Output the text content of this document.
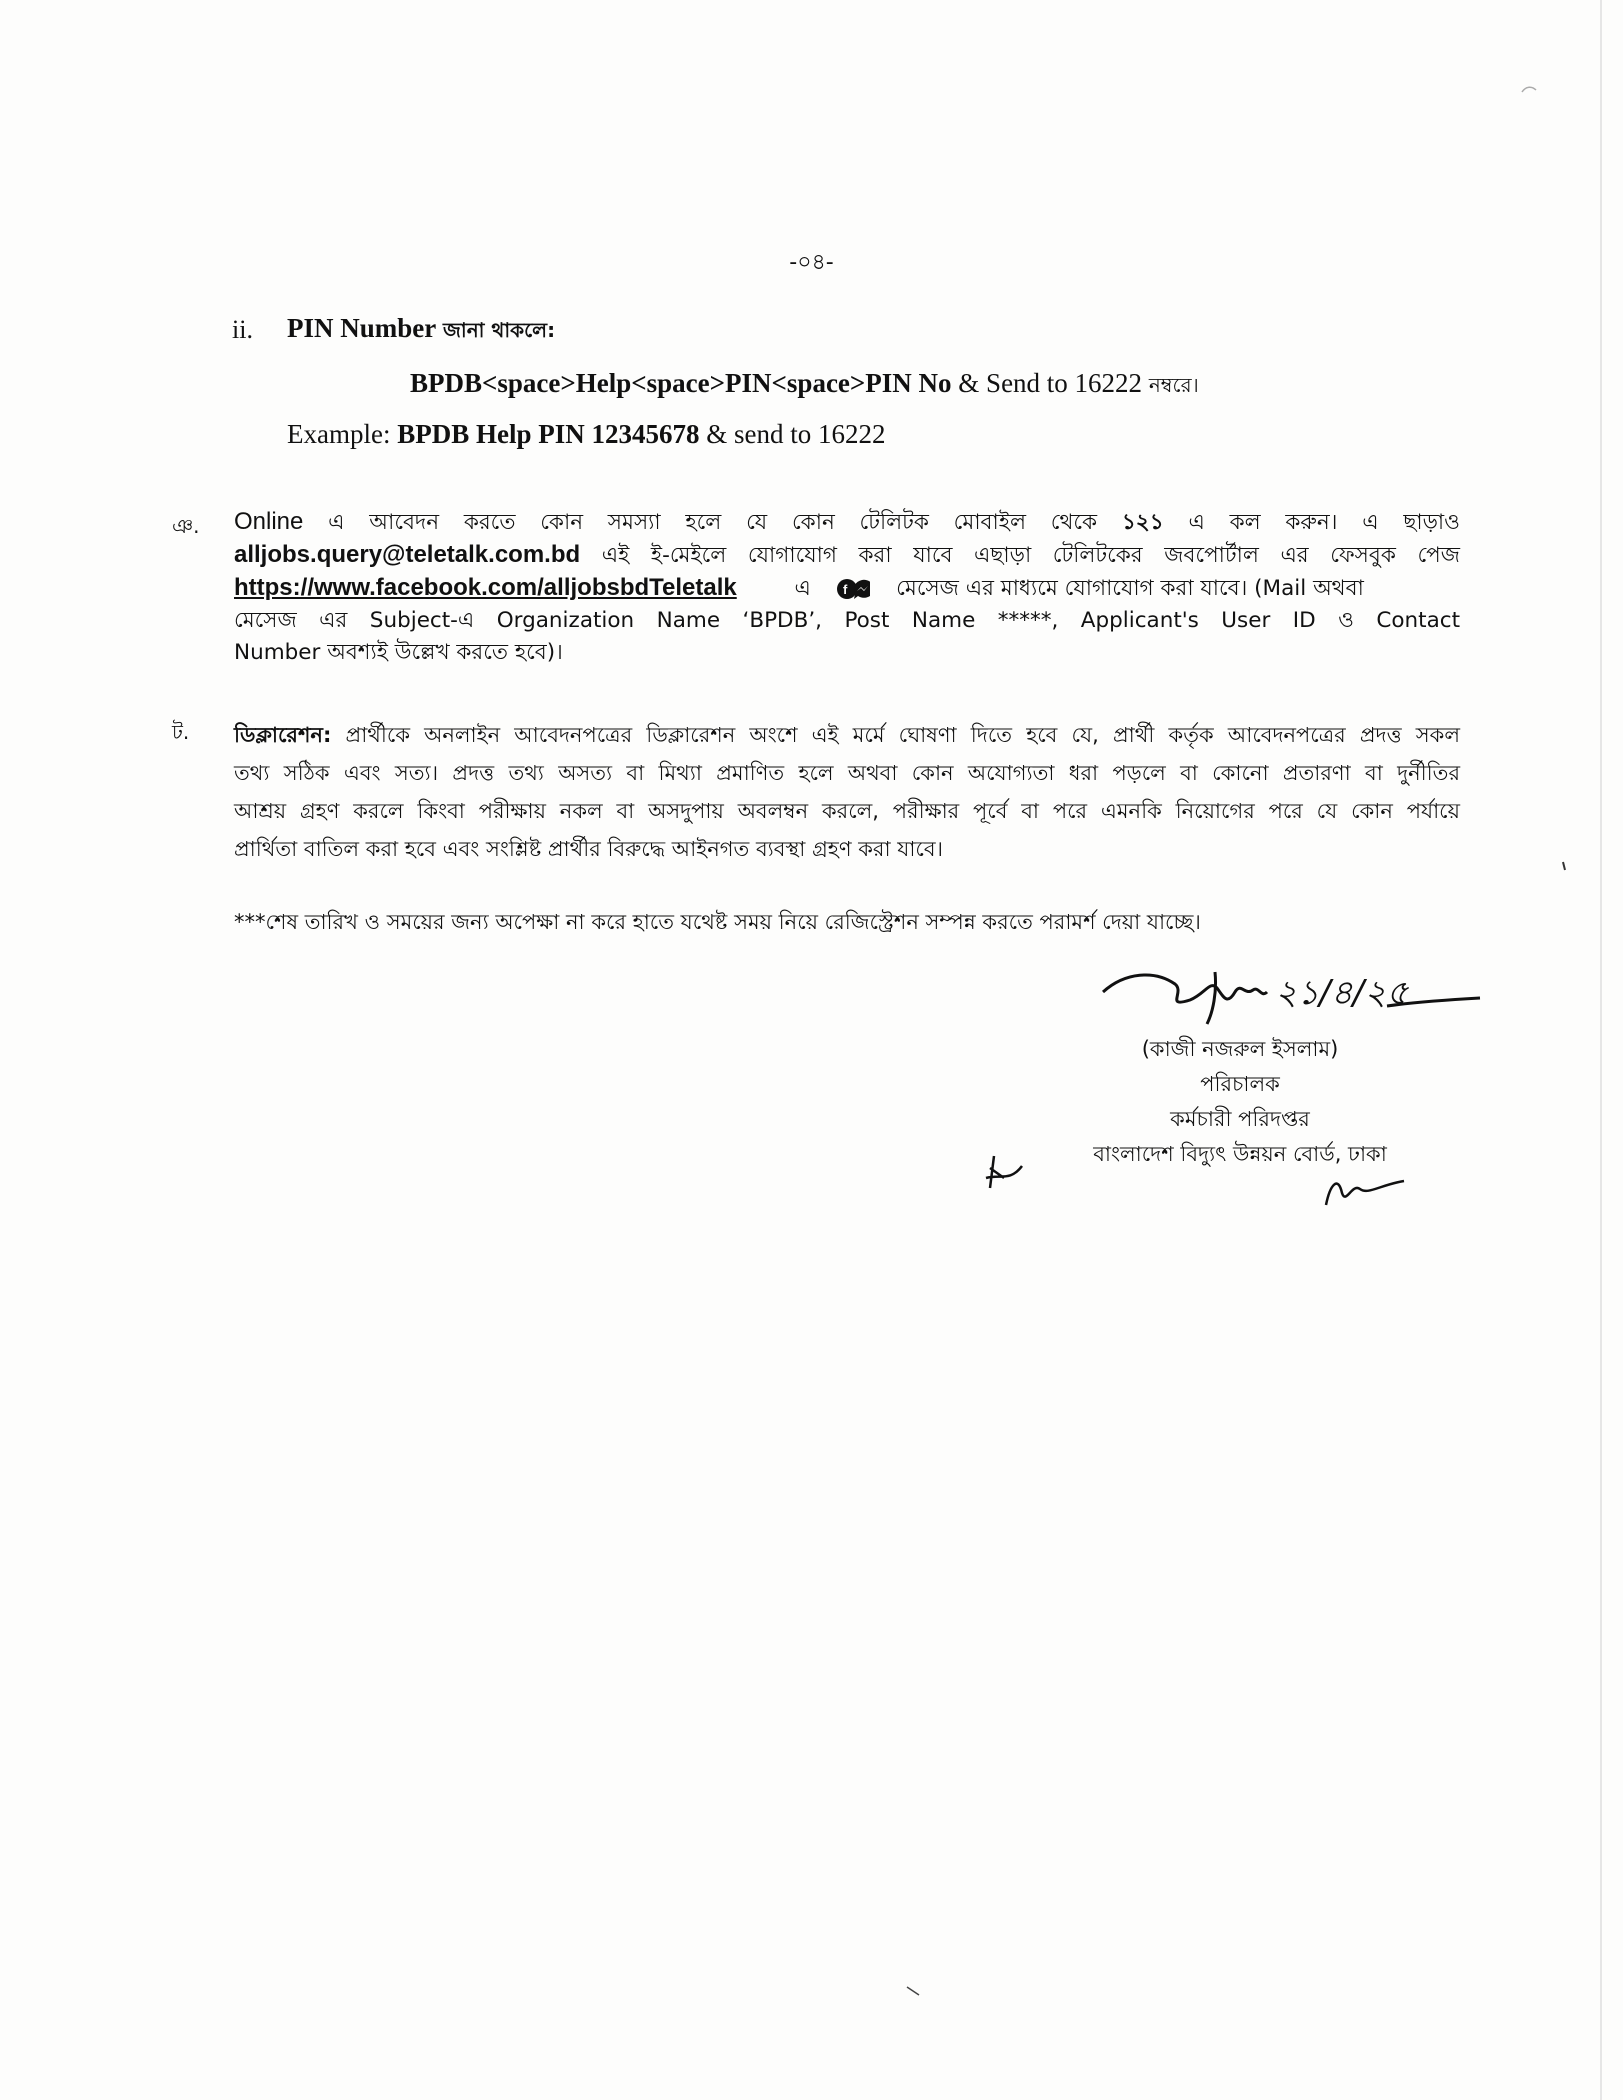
-০৪-
ii. PIN Number জানা থাকলে:
BPDB<space>Help<space>PIN<space>PIN No & Send to 16222 নম্বরে।
Example: BPDB Help PIN 12345678 & send to 16222
ঞ. Online এ আবেদন করতে কোন সমস্যা হলে যে কোন টেলিটক মোবাইল থেকে ১২১ এ কল করুন। এ ছাড়াও

alljobs.query@teletalk.com.bd এই ই-মেইলে যোগাযোগ করা যাবে এছাড়া টেলিটকের জবপোর্টাল এর ফেসবুক পেজ

https://www.facebook.com/alljobsbdTeletalk	এ	f মেসেজ এর মাধ্যমে যোগাযোগ করা যাবে। (Mail অথবা

মেসেজ এর Subject-এ Organization Name ‘BPDB’, Post Name *****, Applicant's User ID ও Contact

Number অবশ্যই উল্লেখ করতে হবে)।

ট. ডিক্লারেশন: প্রার্থীকে অনলাইন আবেদনপত্রের ডিক্লারেশন অংশে এই মর্মে ঘোষণা দিতে হবে যে, প্রার্থী কর্তৃক আবেদনপত্রের প্রদত্ত সকল

তথ্য সঠিক এবং সত্য। প্রদত্ত তথ্য অসত্য বা মিথ্যা প্রমাণিত হলে অথবা কোন অযোগ্যতা ধরা পড়লে বা কোনো প্রতারণা বা দুর্নীতির

আশ্রয় গ্রহণ করলে কিংবা পরীক্ষায় নকল বা অসদুপায় অবলম্বন করলে, পরীক্ষার পূর্বে বা পরে এমনকি নিয়োগের পরে যে কোন পর্যায়ে

প্রার্থিতা বাতিল করা হবে এবং সংশ্লিষ্ট প্রার্থীর বিরুদ্ধে আইনগত ব্যবস্থা গ্রহণ করা যাবে।

***শেষ তারিখ ও সময়ের জন্য অপেক্ষা না করে হাতে যথেষ্ট সময় নিয়ে রেজিস্ট্রেশন সম্পন্ন করতে পরামর্শ দেয়া যাচ্ছে।
২১/৪/২৫
(কাজী নজরুল ইসলাম)
পরিচালক
কর্মচারী পরিদপ্তর
বাংলাদেশ বিদ্যুৎ উন্নয়ন বোর্ড, ঢাকা
